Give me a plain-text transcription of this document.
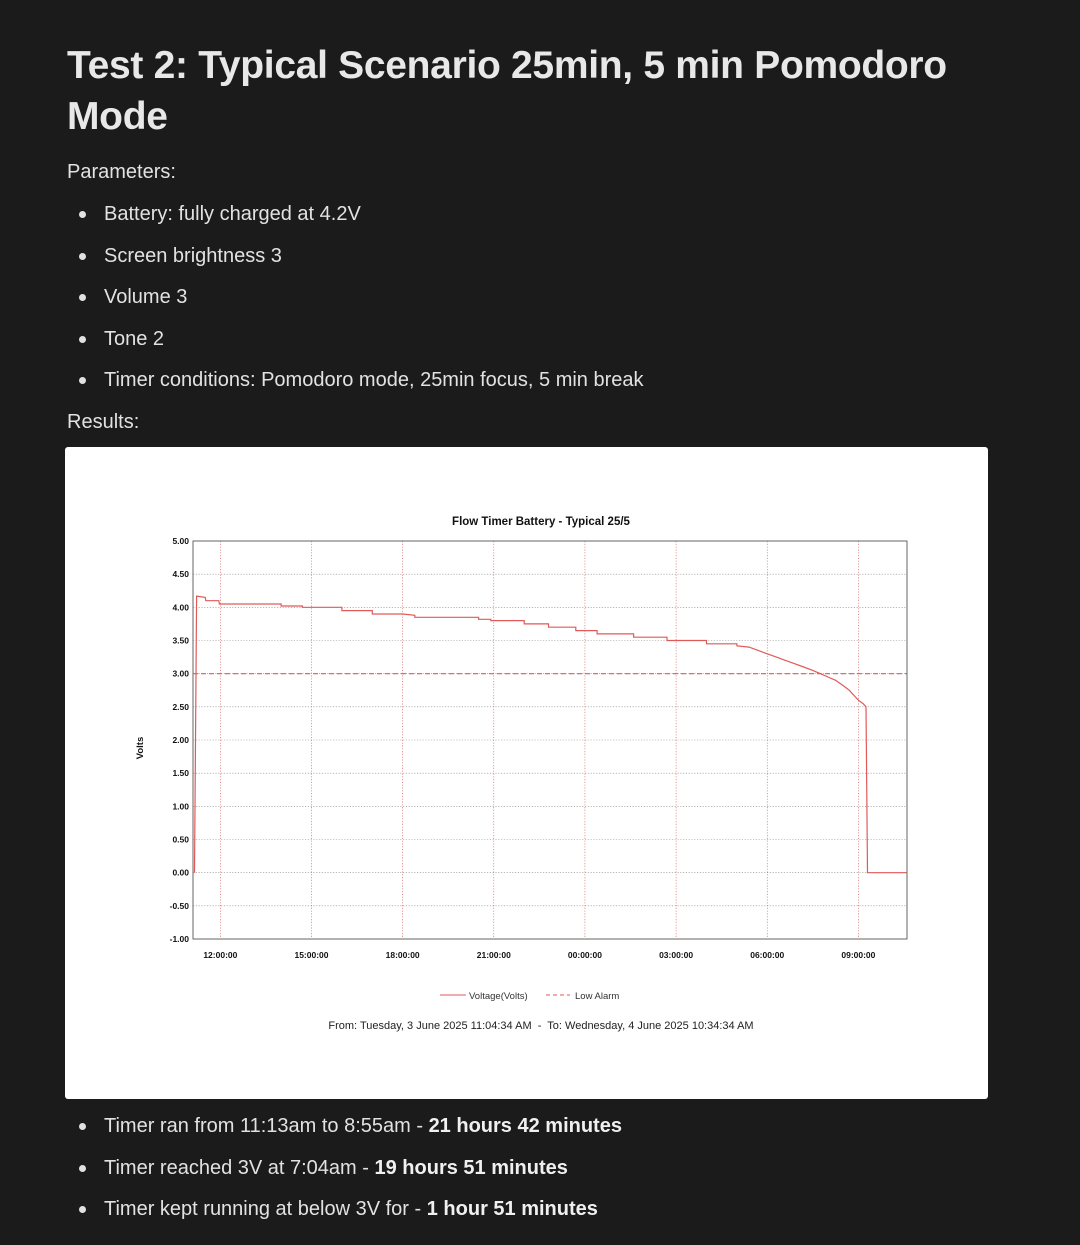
Test 2: Typical Scenario 25min, 5 min Pomodoro Mode

Parameters:

Battery: fully charged at 4.2V
Screen brightness 3
Volume 3
Tone 2
Timer conditions: Pomodoro mode, 25min focus, 5 min break

Results:

Flow Timer Battery - Typical 25/5
Volts
5.00
4.50
4.00
3.50
3.00
2.50
2.00
1.50
1.00
0.50
0.00
-0.50
-1.00
12:00:00	15:00:00	18:00:00	21:00:00	00:00:00	03:00:00	06:00:00	09:00:00
Voltage(Volts)	Low Alarm
From: Tuesday, 3 June 2025 11:04:34 AM  -  To: Wednesday, 4 June 2025 10:34:34 AM
Timer ran from 11:13am to 8:55am - 21 hours 42 minutes
Timer reached 3V at 7:04am - 19 hours 51 minutes
Timer kept running at below 3V for - 1 hour 51 minutes
